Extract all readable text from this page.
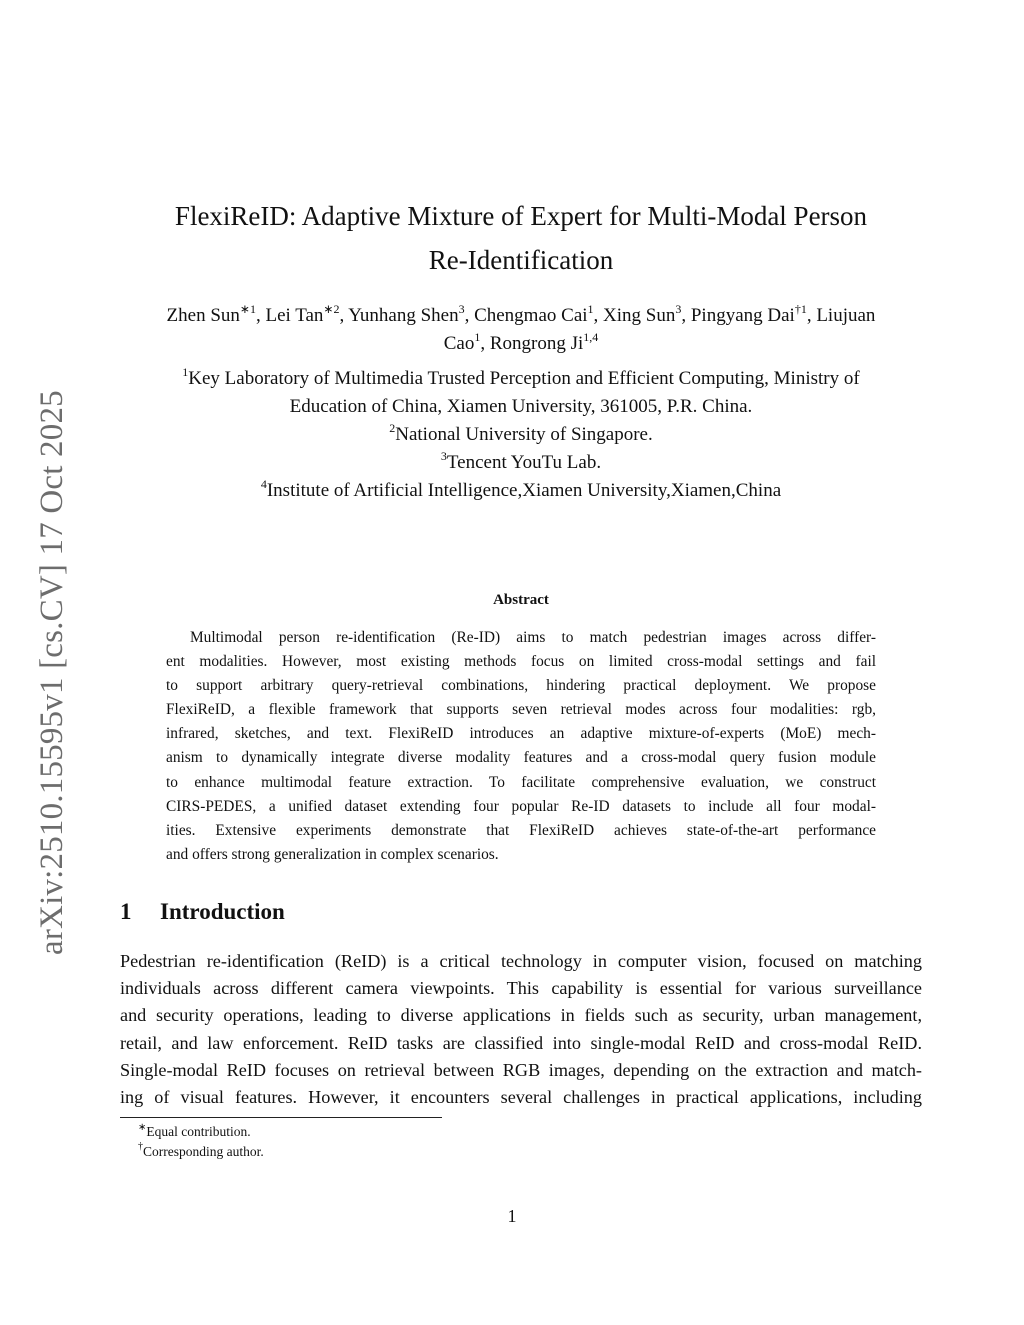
arXiv:2510.15595v1 [cs.CV] 17 Oct 2025
FlexiReID: Adaptive Mixture of Expert for Multi-Modal Person
Re-Identification
Zhen Sun$^{∗1}$, Lei Tan$^{∗2}$, Yunhang Shen$^3$, Chengmao Cai$^1$, Xing Sun$^3$, Pingyang Dai$^{\dagger 1}$, Liujuan
Cao$^1$, Rongrong Ji$^{1,4}$
$^1$Key Laboratory of Multimedia Trusted Perception and Efficient Computing, Ministry of
Education of China, Xiamen University, 361005, P.R. China.
$^2$National University of Singapore.
$^3$Tencent YouTu Lab.
$^4$Institute of Artificial Intelligence,Xiamen University,Xiamen,China
Abstract
Multimodal person re-identification (Re-ID) aims to match pedestrian images across differ-
ent modalities. However, most existing methods focus on limited cross-modal settings and fail
to support arbitrary query-retrieval combinations, hindering practical deployment. We propose
FlexiReID, a flexible framework that supports seven retrieval modes across four modalities: rgb,
infrared, sketches, and text. FlexiReID introduces an adaptive mixture-of-experts (MoE) mech-
anism to dynamically integrate diverse modality features and a cross-modal query fusion module
to enhance multimodal feature extraction. To facilitate comprehensive evaluation, we construct
CIRS-PEDES, a unified dataset extending four popular Re-ID datasets to include all four modal-
ities. Extensive experiments demonstrate that FlexiReID achieves state-of-the-art performance
and offers strong generalization in complex scenarios.
1 Introduction
Pedestrian re-identification (ReID) is a critical technology in computer vision, focused on matching
individuals across different camera viewpoints. This capability is essential for various surveillance
and security operations, leading to diverse applications in fields such as security, urban management,
retail, and law enforcement. ReID tasks are classified into single-modal ReID and cross-modal ReID.
Single-modal ReID focuses on retrieval between RGB images, depending on the extraction and match-
ing of visual features. However, it encounters several challenges in practical applications, including
∗Equal contribution.
†Corresponding author.
1
